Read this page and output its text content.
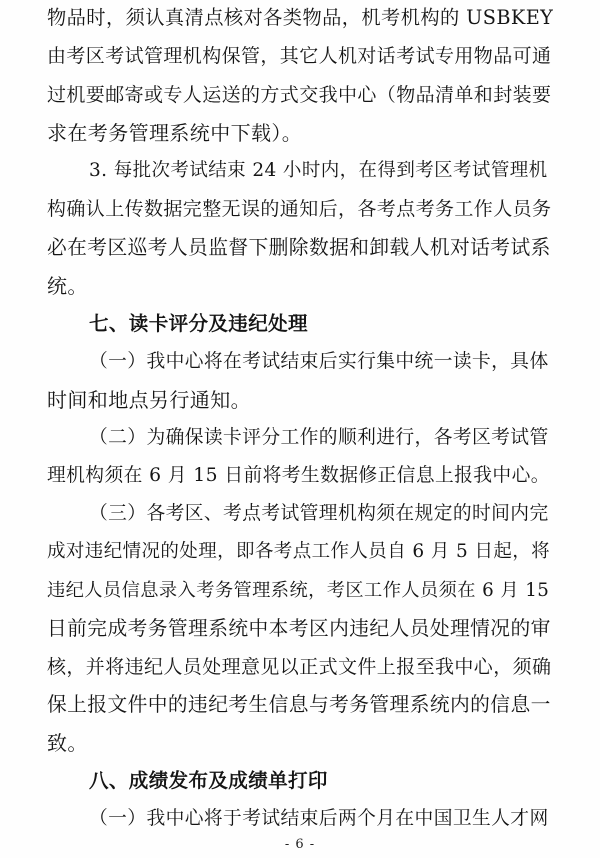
物品时，须认真清点核对各类物品，机考机构的 USBKEY
由考区考试管理机构保管，其它人机对话考试专用物品可通
过机要邮寄或专人运送的方式交我中心（物品清单和封装要
求在考务管理系统中下载）。
3. 每批次考试结束 24 小时内，在得到考区考试管理机
构确认上传数据完整无误的通知后，各考点考务工作人员务
必在考区巡考人员监督下删除数据和卸载人机对话考试系
统。
七、读卡评分及违纪处理
（一）我中心将在考试结束后实行集中统一读卡，具体
时间和地点另行通知。
（二）为确保读卡评分工作的顺利进行，各考区考试管
理机构须在 6 月 15 日前将考生数据修正信息上报我中心。
（三）各考区、考点考试管理机构须在规定的时间内完
成对违纪情况的处理，即各考点工作人员自 6 月 5 日起，将
违纪人员信息录入考务管理系统，考区工作人员须在 6 月 15
日前完成考务管理系统中本考区内违纪人员处理情况的审
核，并将违纪人员处理意见以正式文件上报至我中心，须确
保上报文件中的违纪考生信息与考务管理系统内的信息一
致。
八、成绩发布及成绩单打印
（一）我中心将于考试结束后两个月在中国卫生人才网
- 6 -
